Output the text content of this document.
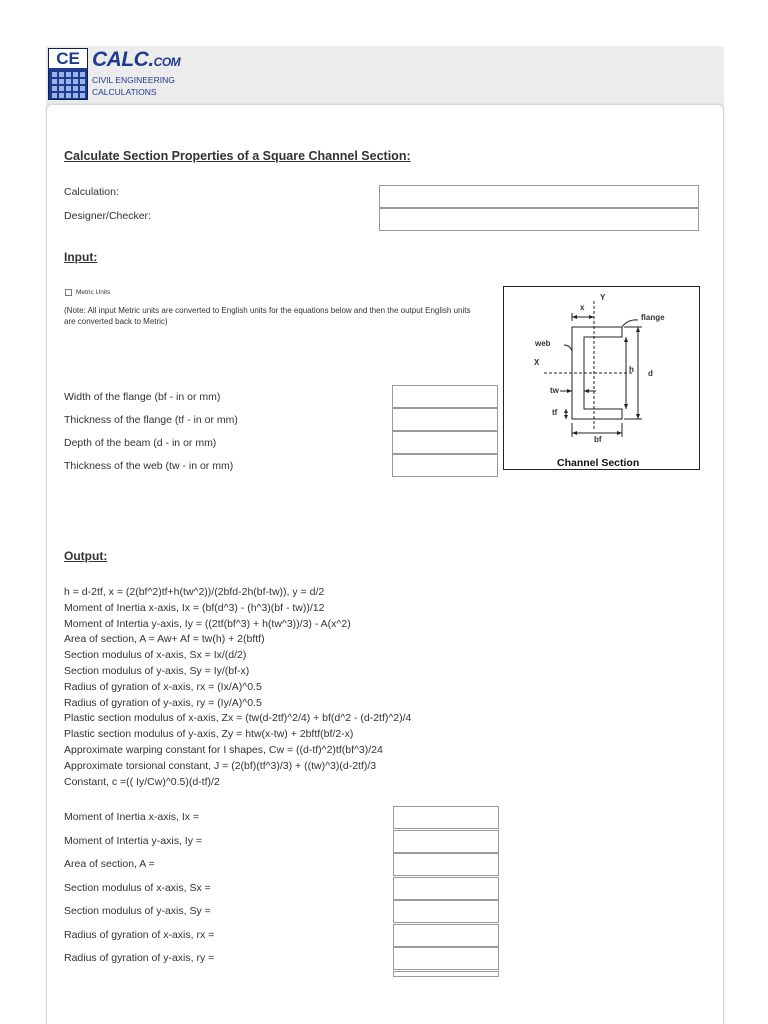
CE CALC.COM
CIVIL ENGINEERING
CALCULATIONS
Calculate Section Properties of a Square Channel Section:
Calculation:
Designer/Checker:
Input:
Metric Units
(Note: All input Metric units are converted to English units for the equations below and then the output English units are converted back to Metric)
Width of the flange (bf - in or mm)
Thickness of the flange (tf - in or mm)
Depth of the beam (d - in or mm)
Thickness of the web (tw - in or mm)
Y
x
flange
web
X
h d
tw
tf
bf
Channel Section
Output:
h = d-2tf, x = (2(bf^2)tf+h(tw^2))/(2bfd-2h(bf-tw)), y = d/2
Moment of Inertia x-axis, Ix = (bf(d^3) - (h^3)(bf - tw))/12
Moment of Intertia y-axis, Iy = ((2tf(bf^3) + h(tw^3))/3) - A(x^2)
Area of section, A = Aw+ Af = tw(h) + 2(bftf)
Section modulus of x-axis, Sx = Ix/(d/2)
Section modulus of y-axis, Sy = Iy/(bf-x)
Radius of gyration of x-axis, rx = (Ix/A)^0.5
Radius of gyration of y-axis, ry = (Iy/A)^0.5
Plastic section modulus of x-axis, Zx = (tw(d-2tf)^2/4) + bf(d^2 - (d-2tf)^2)/4
Plastic section modulus of y-axis, Zy = htw(x-tw) + 2bftf(bf/2-x)
Approximate warping constant for I shapes, Cw = ((d-tf)^2)tf(bf^3)/24
Approximate torsional constant, J = (2(bf)(tf^3)/3) + ((tw)^3)(d-2tf)/3
Constant, c =(( Iy/Cw)^0.5)(d-tf)/2
Moment of Inertia x-axis, Ix =
Moment of Intertia y-axis, Iy =
Area of section, A =
Section modulus of x-axis, Sx =
Section modulus of y-axis, Sy =
Radius of gyration of x-axis, rx =
Radius of gyration of y-axis, ry =
